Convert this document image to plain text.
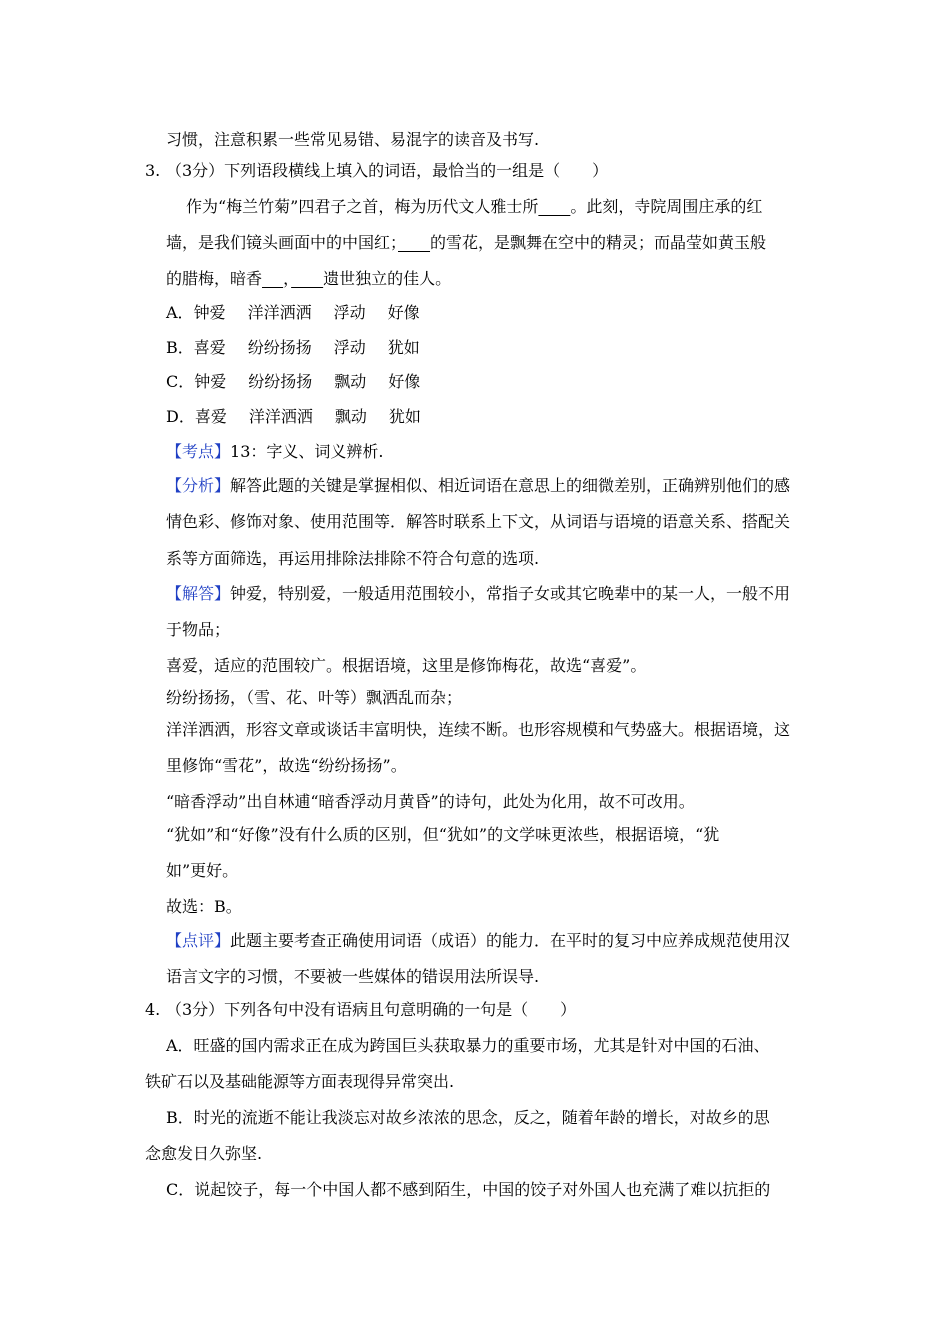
习惯，注意积累一些常见易错、易混字的读音及书写.
3. （3分）下列语段横线上填入的词语，最恰当的一组是（　　）
作为“梅兰竹菊”四君子之首，梅为历代文人雅士所　　 。此刻，寺院周围庄承的红
墙，是我们镜头画面中的中国红；　　 的雪花，是飘舞在空中的精灵；而晶莹如黄玉般
的腊梅，暗香　 ，　　 遗世独立的佳人。
A．钟爱 洋洋洒洒 浮动 好像
B．喜爱 纷纷扬扬 浮动 犹如
C．钟爱 纷纷扬扬 飘动 好像
D．喜爱 洋洋洒洒 飘动 犹如
【考点】13：字义、词义辨析.
【分析】解答此题的关键是掌握相似、相近词语在意思上的细微差别，正确辨别他们的感
情色彩、修饰对象、使用范围等．解答时联系上下文，从词语与语境的语意关系、搭配关
系等方面筛选，再运用排除法排除不符合句意的选项.
【解答】钟爱，特别爱，一般适用范围较小，常指子女或其它晚辈中的某一人，一般不用
于物品；
喜爱，适应的范围较广。根据语境，这里是修饰梅花，故选“喜爱”。
纷纷扬扬，（雪、花、叶等）飘洒乱而杂；
洋洋洒洒，形容文章或谈话丰富明快，连续不断。也形容规模和气势盛大。根据语境，这
里修饰“雪花”，故选“纷纷扬扬”。
“暗香浮动”出自林逋“暗香浮动月黄昏”的诗句，此处为化用，故不可改用。
“犹如”和“好像”没有什么质的区别，但“犹如”的文学味更浓些，根据语境，“犹
如”更好。
故选：B。
【点评】此题主要考查正确使用词语（成语）的能力．在平时的复习中应养成规范使用汉
语言文字的习惯，不要被一些媒体的错误用法所误导.
4. （3分）下列各句中没有语病且句意明确的一句是（　　）
A．旺盛的国内需求正在成为跨国巨头获取暴力的重要市场，尤其是针对中国的石油、
铁矿石以及基础能源等方面表现得异常突出.
B．时光的流逝不能让我淡忘对故乡浓浓的思念，反之，随着年龄的增长，对故乡的思
念愈发日久弥坚.
C．说起饺子，每一个中国人都不感到陌生，中国的饺子对外国人也充满了难以抗拒的
